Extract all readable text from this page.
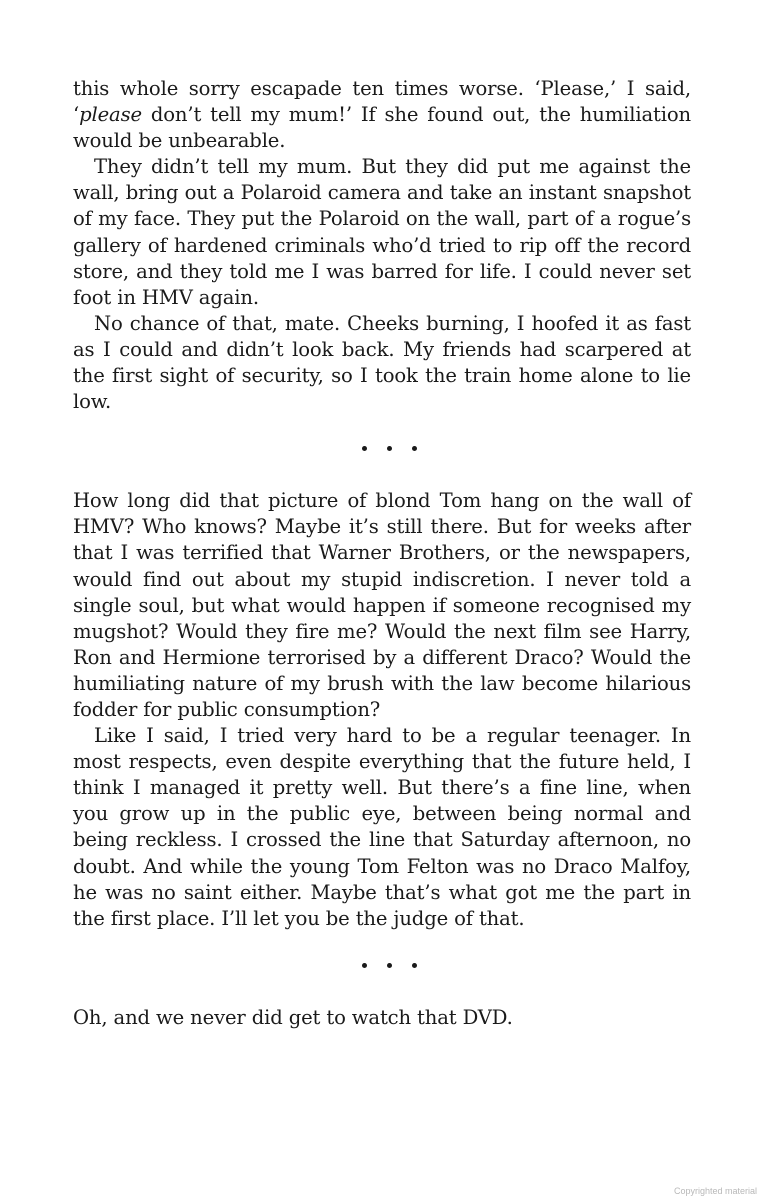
this whole sorry escapade ten times worse. ‘Please,’ I said, ‘please don’t tell my mum!’ If she found out, the humiliation would be unbearable.

They didn’t tell my mum. But they did put me against the wall, bring out a Polaroid camera and take an instant snapshot of my face. They put the Polaroid on the wall, part of a rogue’s gallery of hardened criminals who’d tried to rip off the record store, and they told me I was barred for life. I could never set foot in HMV again.

No chance of that, mate. Cheeks burning, I hoofed it as fast as I could and didn’t look back. My friends had scarpered at the first sight of security, so I took the train home alone to lie low.

How long did that picture of blond Tom hang on the wall of HMV? Who knows? Maybe it’s still there. But for weeks after that I was terrified that Warner Brothers, or the newspapers, would find out about my stupid indiscretion. I never told a single soul, but what would happen if someone recognised my mugshot? Would they fire me? Would the next film see Harry, Ron and Hermione terrorised by a different Draco? Would the humiliating nature of my brush with the law become hilarious fodder for public consumption?

Like I said, I tried very hard to be a regular teenager. In most respects, even despite everything that the future held, I think I managed it pretty well. But there’s a fine line, when you grow up in the public eye, between being normal and being reckless. I crossed the line that Saturday afternoon, no doubt. And while the young Tom Felton was no Draco Malfoy, he was no saint either. Maybe that’s what got me the part in the first place. I’ll let you be the judge of that.

Oh, and we never did get to watch that DVD.

Copyrighted material
